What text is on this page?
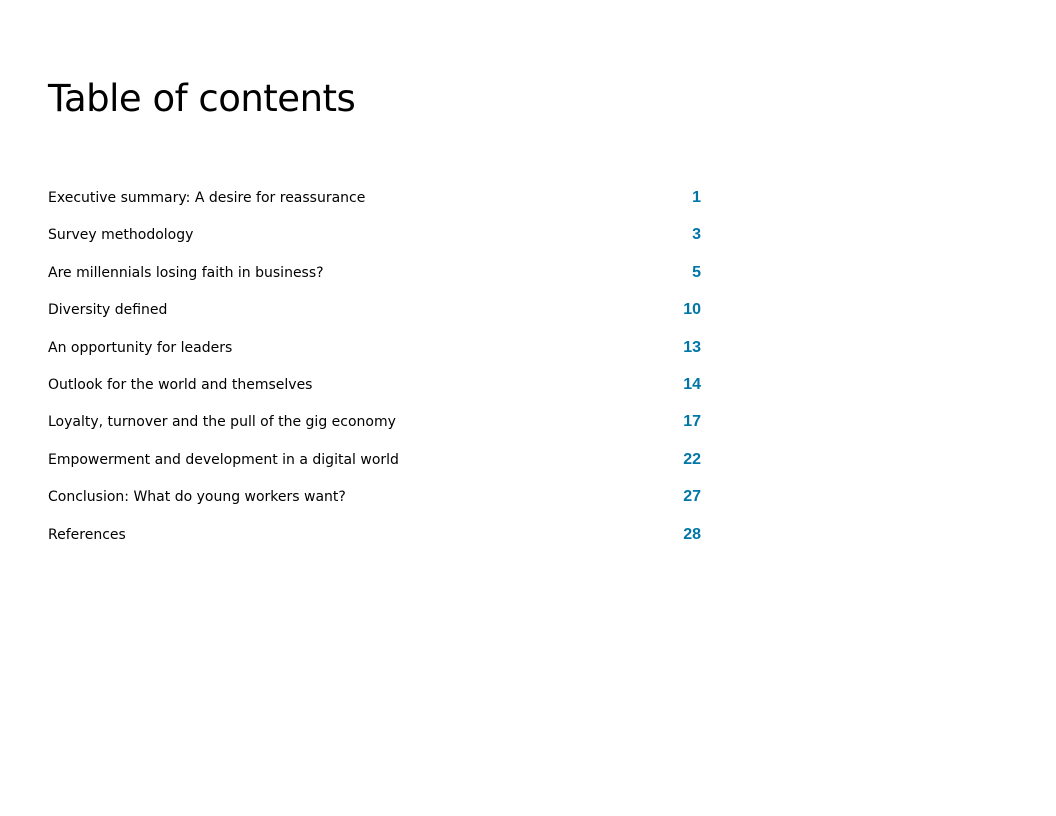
Table of contents
Executive summary: A desire for reassurance	1
Survey methodology	3
Are millennials losing faith in business?	5
Diversity defined	10
An opportunity for leaders	13
Outlook for the world and themselves	14
Loyalty, turnover and the pull of the gig economy	17
Empowerment and development in a digital world	22
Conclusion: What do young workers want?	27
References	28
